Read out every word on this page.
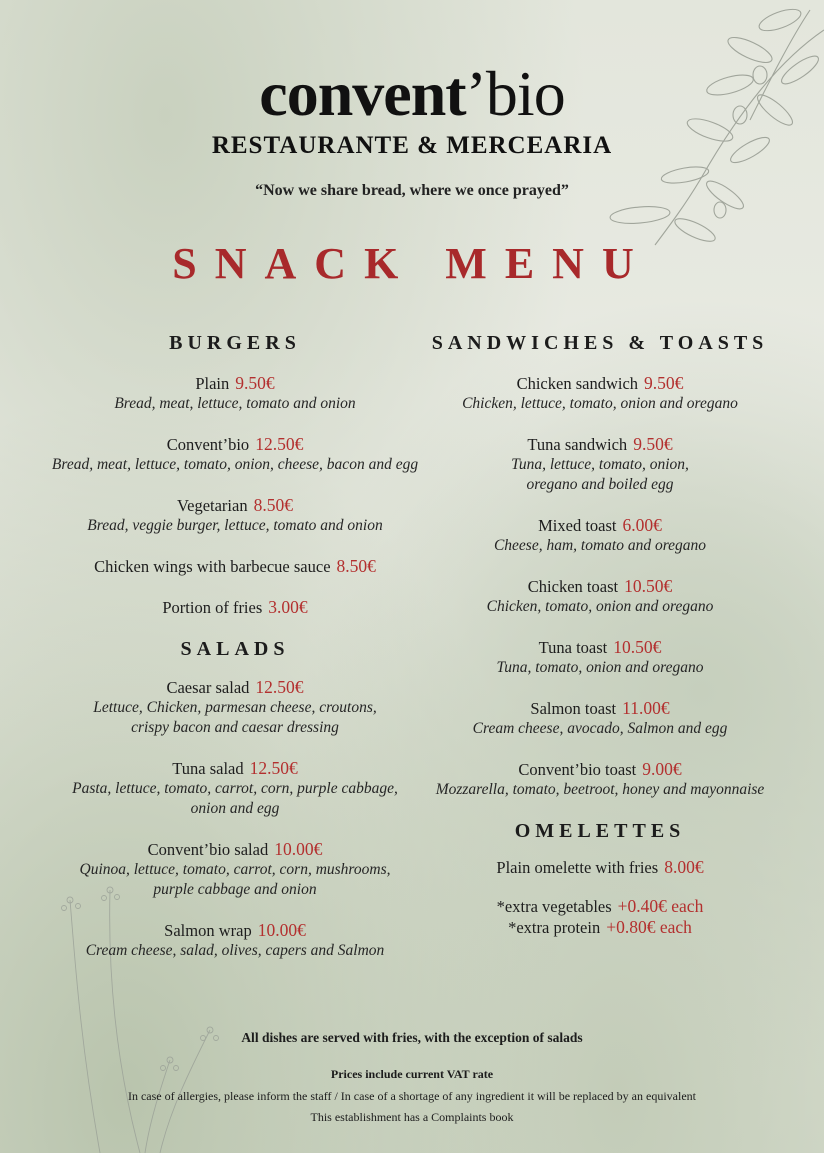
convent’bio
RESTAURANTE & MERCEARIA
“Now we share bread, where we once prayed”
SNACK MENU
BURGERS
Plain 9.50€
Bread, meat, lettuce, tomato and onion
Convent’bio 12.50€
Bread, meat, lettuce, tomato, onion, cheese, bacon and egg
Vegetarian 8.50€
Bread, veggie burger, lettuce, tomato and onion
Chicken wings with barbecue sauce 8.50€
Portion of fries 3.00€
SALADS
Caesar salad 12.50€
Lettuce, Chicken, parmesan cheese, croutons,
crispy bacon and caesar dressing
Tuna salad 12.50€
Pasta, lettuce, tomato, carrot, corn, purple cabbage,
onion and egg
Convent’bio salad 10.00€
Quinoa, lettuce, tomato, carrot, corn, mushrooms,
purple cabbage and onion
Salmon wrap 10.00€
Cream cheese, salad, olives, capers and Salmon
SANDWICHES & TOASTS
Chicken sandwich 9.50€
Chicken, lettuce, tomato, onion and oregano
Tuna sandwich 9.50€
Tuna, lettuce, tomato, onion,
oregano and boiled egg
Mixed toast 6.00€
Cheese, ham, tomato and oregano
Chicken toast 10.50€
Chicken, tomato, onion and oregano
Tuna toast 10.50€
Tuna, tomato, onion and oregano
Salmon toast 11.00€
Cream cheese, avocado, Salmon and egg
Convent’bio toast 9.00€
Mozzarella, tomato, beetroot, honey and mayonnaise
OMELETTES
Plain omelette with fries 8.00€
*extra vegetables +0.40€ each
*extra protein +0.80€ each
All dishes are served with fries, with the exception of salads
Prices include current VAT rate
In case of allergies, please inform the staff / In case of a shortage of any ingredient it will be replaced by an equivalent
This establishment has a Complaints book
